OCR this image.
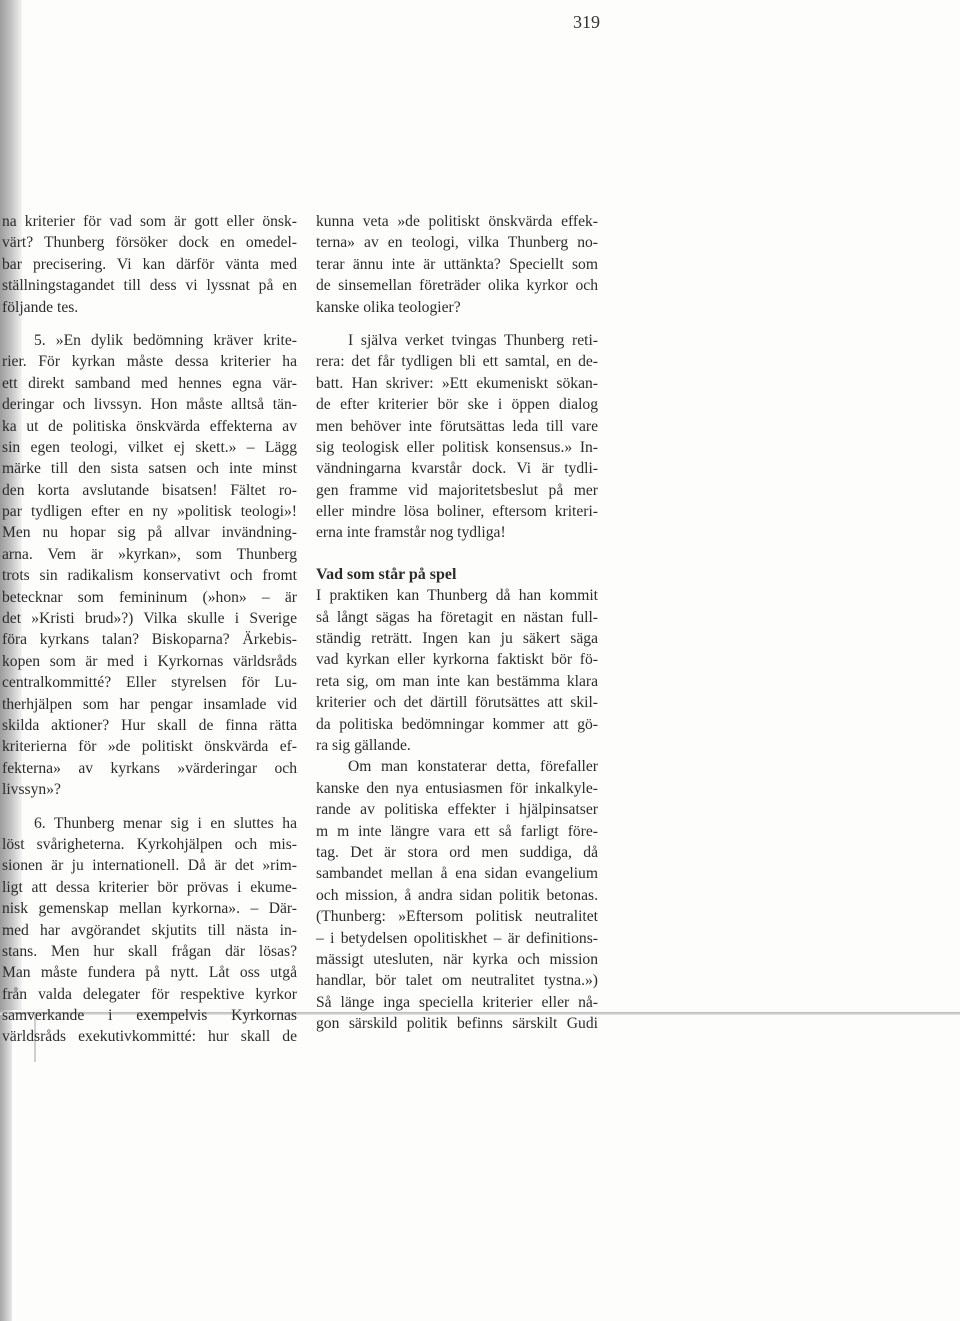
319
na kriterier för vad som är gott eller önsk-
värt? Thunberg försöker dock en omedel-
bar precisering. Vi kan därför vänta med
ställningstagandet till dess vi lyssnat på en
följande tes.
5. »En dylik bedömning kräver krite-
rier. För kyrkan måste dessa kriterier ha
ett direkt samband med hennes egna vär-
deringar och livssyn. Hon måste alltså tän-
ka ut de politiska önskvärda effekterna av
sin egen teologi, vilket ej skett.» – Lägg
märke till den sista satsen och inte minst
den korta avslutande bisatsen! Fältet ro-
par tydligen efter en ny »politisk teologi»!
Men nu hopar sig på allvar invändning-
arna. Vem är »kyrkan», som Thunberg
trots sin radikalism konservativt och fromt
betecknar som femininum (»hon» – är
det »Kristi brud»?) Vilka skulle i Sverige
föra kyrkans talan? Biskoparna? Ärkebis-
kopen som är med i Kyrkornas världsråds
centralkommitté? Eller styrelsen för Lu-
therhjälpen som har pengar insamlade vid
skilda aktioner? Hur skall de finna rätta
kriterierna för »de politiskt önskvärda ef-
fekterna» av kyrkans »värderingar och
livssyn»?
6. Thunberg menar sig i en sluttes ha
löst svårigheterna. Kyrkohjälpen och mis-
sionen är ju internationell. Då är det »rim-
ligt att dessa kriterier bör prövas i ekume-
nisk gemenskap mellan kyrkorna». – Där-
med har avgörandet skjutits till nästa in-
stans. Men hur skall frågan där lösas?
Man måste fundera på nytt. Låt oss utgå
från valda delegater för respektive kyrkor
samverkande i exempelvis Kyrkornas
världsråds exekutivkommitté: hur skall de
kunna veta »de politiskt önskvärda effek-
terna» av en teologi, vilka Thunberg no-
terar ännu inte är uttänkta? Speciellt som
de sinsemellan företräder olika kyrkor och
kanske olika teologier?
I själva verket tvingas Thunberg reti-
rera: det får tydligen bli ett samtal, en de-
batt. Han skriver: »Ett ekumeniskt sökan-
de efter kriterier bör ske i öppen dialog
men behöver inte förutsättas leda till vare
sig teologisk eller politisk konsensus.» In-
vändningarna kvarstår dock. Vi är tydli-
gen framme vid majoritetsbeslut på mer
eller mindre lösa boliner, eftersom kriteri-
erna inte framstår nog tydliga!
Vad som står på spel
I praktiken kan Thunberg då han kommit
så långt sägas ha företagit en nästan full-
ständig reträtt. Ingen kan ju säkert säga
vad kyrkan eller kyrkorna faktiskt bör fö-
reta sig, om man inte kan bestämma klara
kriterier och det därtill förutsättes att skil-
da politiska bedömningar kommer att gö-
ra sig gällande.
Om man konstaterar detta, förefaller
kanske den nya entusiasmen för inkalkyle-
rande av politiska effekter i hjälpinsatser
m m inte längre vara ett så farligt före-
tag. Det är stora ord men suddiga, då
sambandet mellan å ena sidan evangelium
och mission, å andra sidan politik betonas.
(Thunberg: »Eftersom politisk neutralitet
– i betydelsen opolitiskhet – är definitions-
mässigt utesluten, när kyrka och mission
handlar, bör talet om neutralitet tystna.»)
Så länge inga speciella kriterier eller nå-
gon särskild politik befinns särskilt Gudi
